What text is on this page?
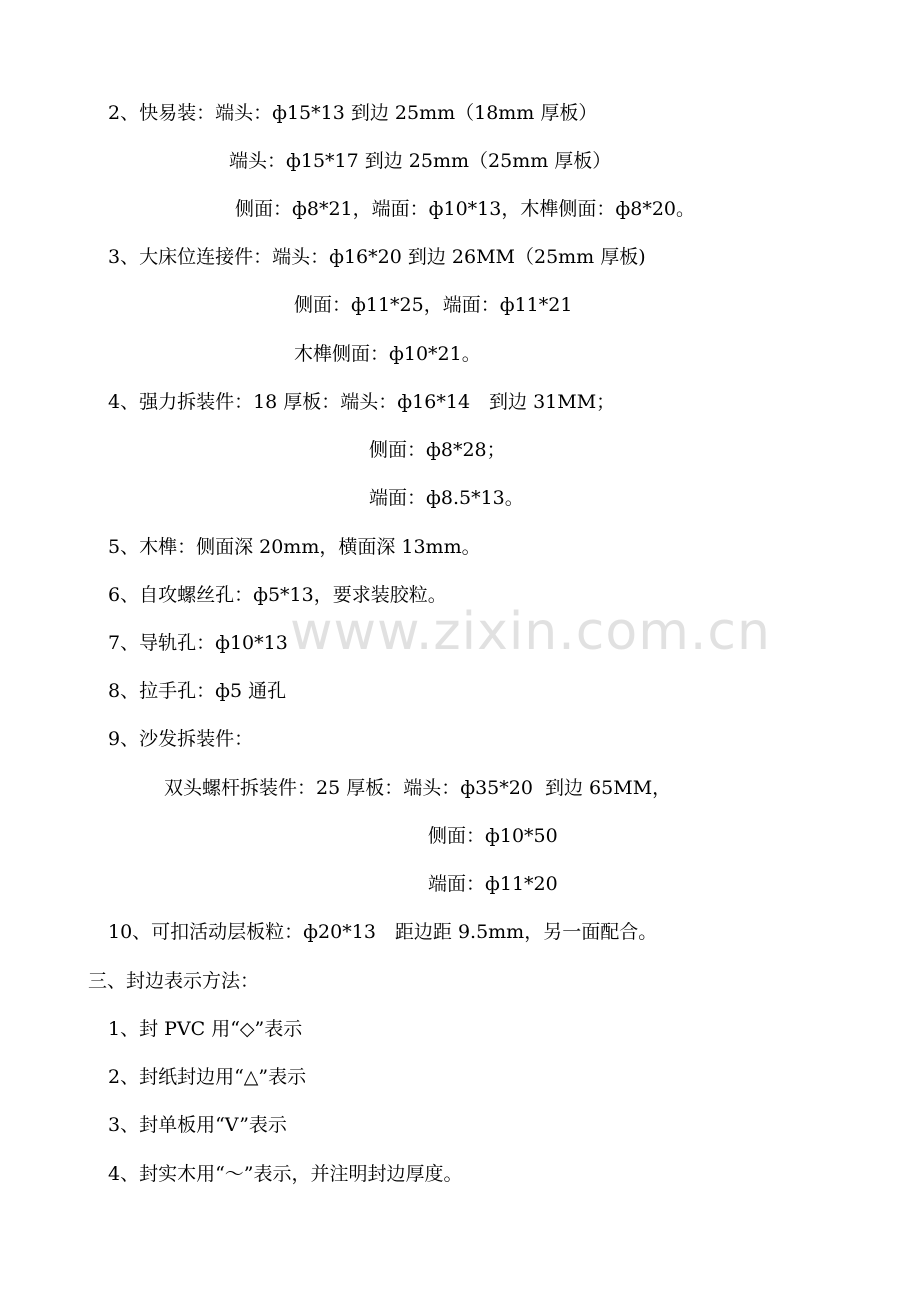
www.zixin.com.cn
2、快易装：端头：ф15*13 到边 25mm（18mm 厚板）
端头：ф15*17 到边 25mm（25mm 厚板）
侧面：ф8*21，端面：ф10*13，木榫侧面：ф8*20。
3、大床位连接件：端头：ф16*20 到边 26MM（25mm 厚板)
侧面：ф11*25，端面：ф11*21
木榫侧面：ф10*21。
4、强力拆装件：18 厚板：端头：ф16*14　到边 31MM；
侧面：ф8*28；
端面：ф8.5*13。
5、木榫：侧面深 20mm，横面深 13mm。
6、自攻螺丝孔：ф5*13，要求装胶粒。
7、导轨孔：ф10*13
8、拉手孔：ф5 通孔
9、沙发拆装件：
双头螺杆拆装件：25 厚板：端头：ф35*20  到边 65MM，
侧面：ф10*50
端面：ф11*20
10、可扣活动层板粒：ф20*13　距边距 9.5mm，另一面配合。
三、封边表示方法：
1、封 PVC 用“◇”表示
2、封纸封边用“△”表示
3、封单板用“V”表示
4、封实木用“～”表示，并注明封边厚度。
